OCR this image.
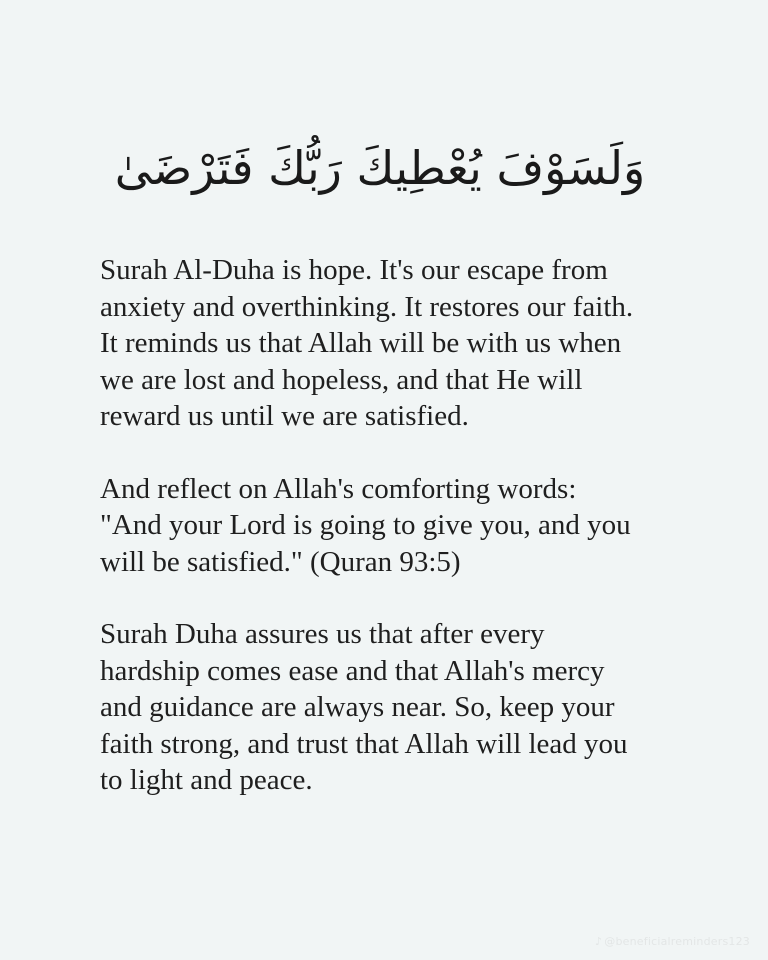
وَلَسَوْفَ يُعْطِيكَ رَبُّكَ فَتَرْضَىٰ

Surah Al-Duha is hope. It's our escape from
anxiety and overthinking. It restores our faith.
It reminds us that Allah will be with us when
we are lost and hopeless, and that He will
reward us until we are satisfied.

And reflect on Allah's comforting words:
"And your Lord is going to give you, and you
will be satisfied." (Quran 93:5)

Surah Duha assures us that after every
hardship comes ease and that Allah's mercy
and guidance are always near. So, keep your
faith strong, and trust that Allah will lead you
to light and peace.

♪ @beneficialreminders123
